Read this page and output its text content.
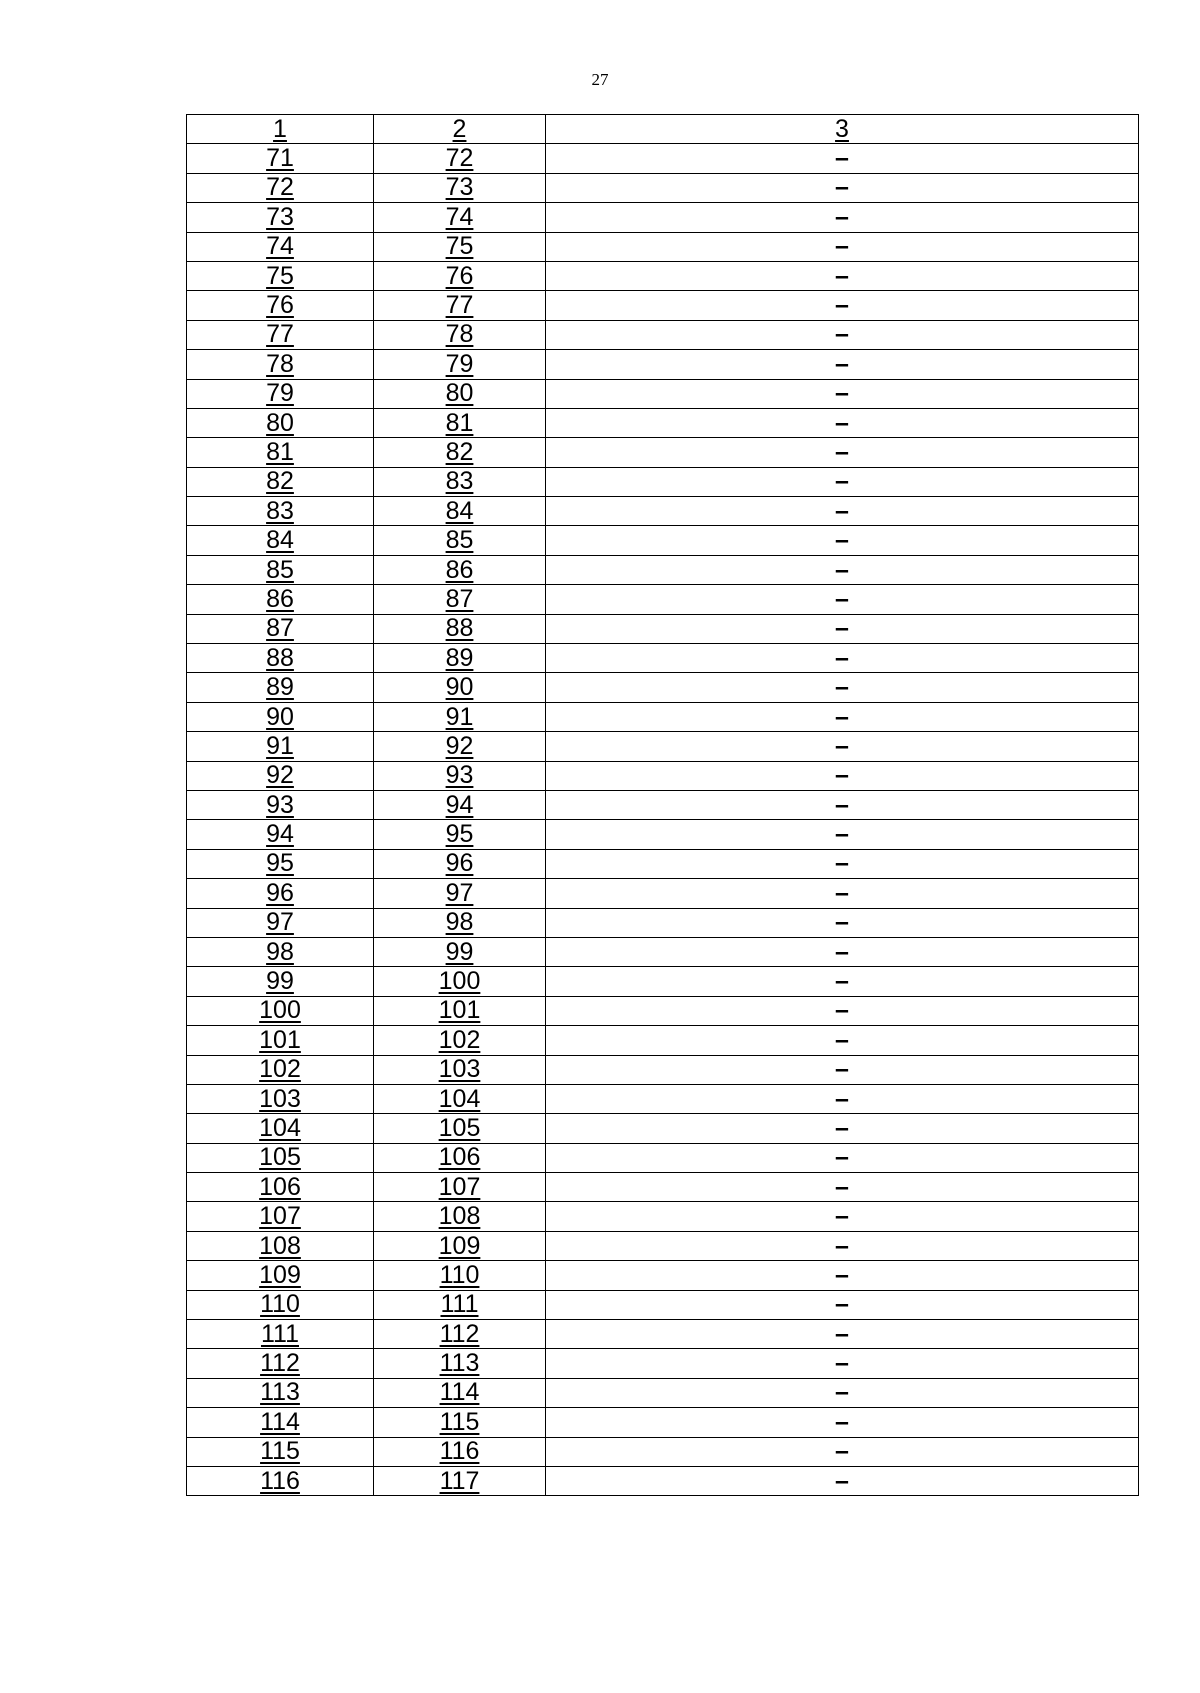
27
1	2	3
71	72	–
72	73	–
73	74	–
74	75	–
75	76	–
76	77	–
77	78	–
78	79	–
79	80	–
80	81	–
81	82	–
82	83	–
83	84	–
84	85	–
85	86	–
86	87	–
87	88	–
88	89	–
89	90	–
90	91	–
91	92	–
92	93	–
93	94	–
94	95	–
95	96	–
96	97	–
97	98	–
98	99	–
99	100	–
100	101	–
101	102	–
102	103	–
103	104	–
104	105	–
105	106	–
106	107	–
107	108	–
108	109	–
109	110	–
110	111	–
111	112	–
112	113	–
113	114	–
114	115	–
115	116	–
116	117	–
